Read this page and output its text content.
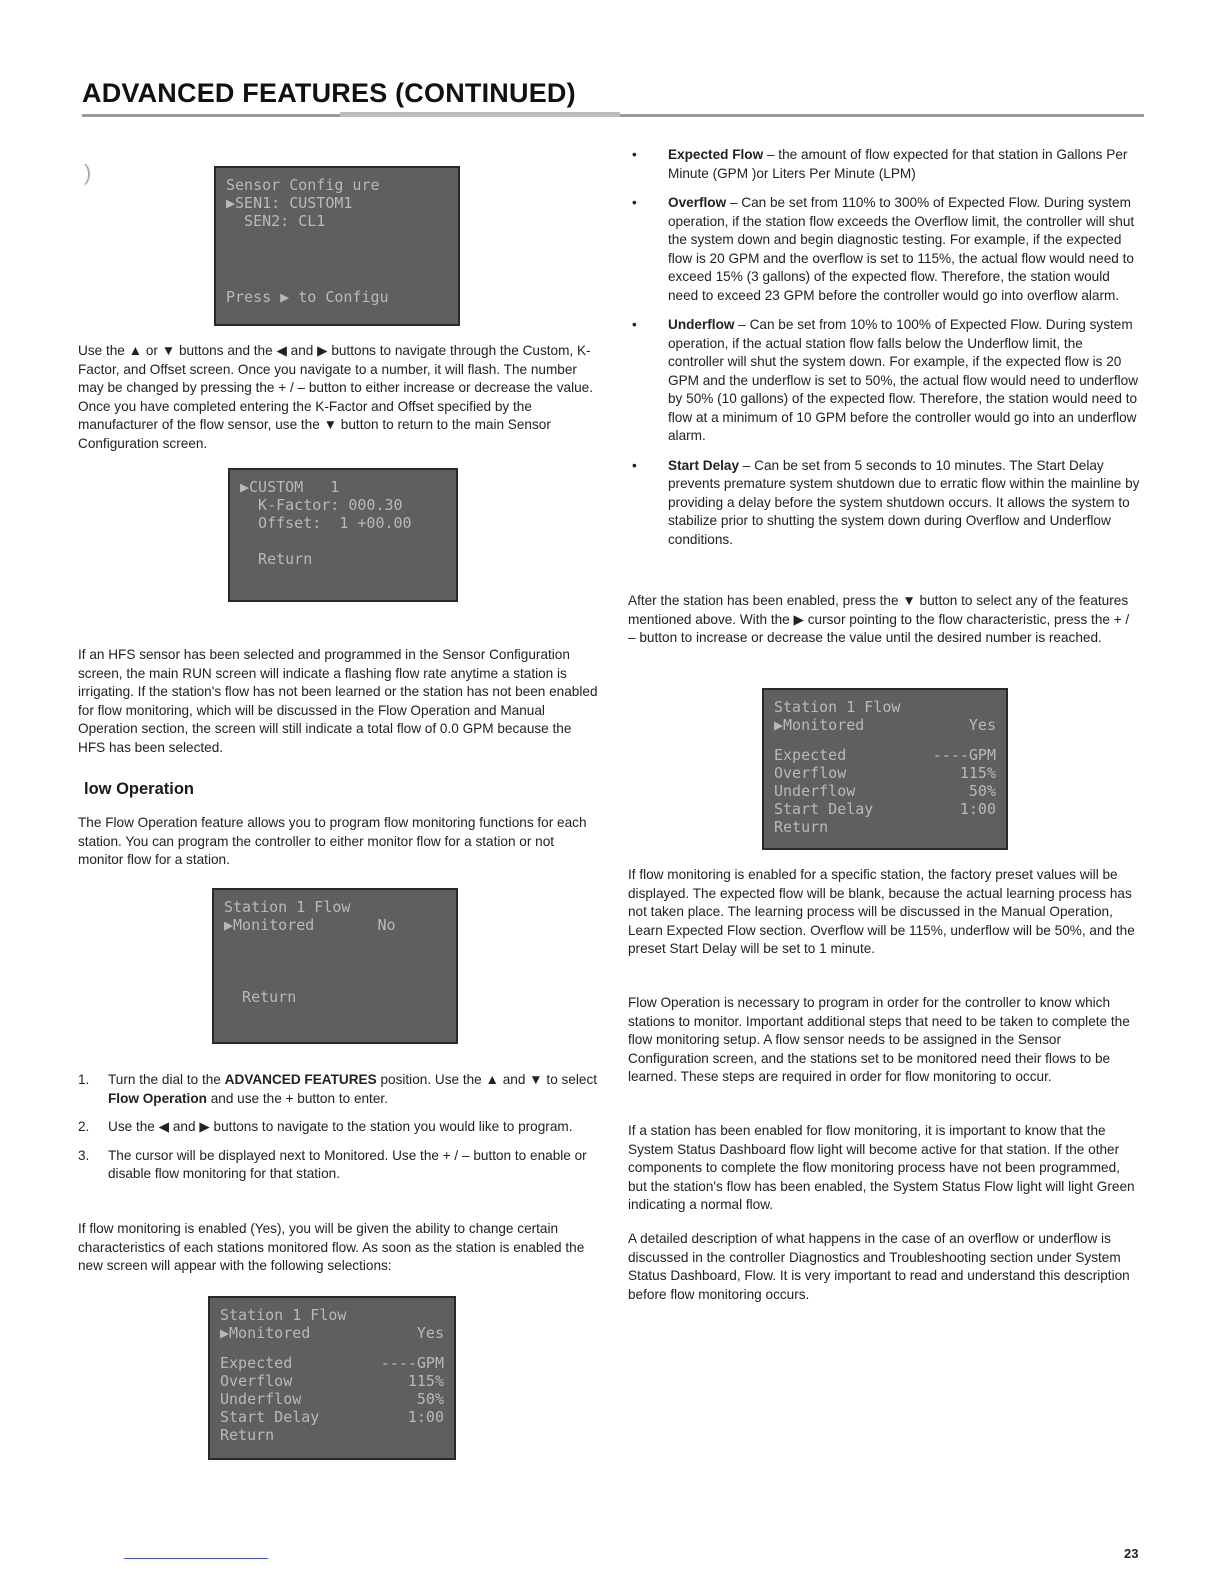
ADVANCED FEATURES (CONTINUED)
)	Sensor Config ure
▶SEN1: CUSTOM1
SEN2: CL1
Press ▶ to Configu
▶CUSTOM   1
K-Factor: 000.30
Offset:  1 +00.00
Return
Station 1 Flow
▶Monitored       No
Return
Station 1 Flow
▶Monitored	Yes
Expected	----GPM
Overflow	115%
Underflow	50%
Start Delay	1:00
Return
Station 1 Flow
▶Monitored	Yes
Expected	----GPM
Overflow	115%
Underflow	50%
Start Delay	1:00
Return
Use the ▲ or ▼ buttons and the ◀ and ▶ buttons to navigate through the Custom, K-Factor, and Offset screen. Once you navigate to a number, it will flash. The number may be changed by pressing the + / – button to either increase or decrease the value. Once you have completed entering the K-Factor and Offset specified by the manufacturer of the flow sensor, use the ▼ button to return to the main Sensor Configuration screen.
If an HFS sensor has been selected and programmed in the Sensor Configuration screen, the main RUN screen will indicate a flashing flow rate anytime a station is irrigating. If the station's flow has not been learned or the station has not been enabled for flow monitoring, which will be discussed in the Flow Operation and Manual Operation section, the screen will still indicate a total flow of 0.0 GPM because the HFS has been selected.
low Operation
The Flow Operation feature allows you to program flow monitoring functions for each station. You can program the controller to either monitor flow for a station or not monitor flow for a station.
1. Turn the dial to the ADVANCED FEATURES position. Use the ▲ and ▼ to select Flow Operation and use the + button to enter.
2. Use the ◀ and ▶ buttons to navigate to the station you would like to program.
3. The cursor will be displayed next to Monitored. Use the + / – button to enable or disable flow monitoring for that station.
If flow monitoring is enabled (Yes), you will be given the ability to change certain characteristics of each stations monitored flow. As soon as the station is enabled the new screen will appear with the following selections:
• Expected Flow – the amount of flow expected for that station in Gallons Per Minute (GPM )or Liters Per Minute (LPM)
• Overflow – Can be set from 110% to 300% of Expected Flow. During system operation, if the station flow exceeds the Overflow limit, the controller will shut the system down and begin diagnostic testing. For example, if the expected flow is 20 GPM and the overflow is set to 115%, the actual flow would need to exceed 15% (3 gallons) of the expected flow. Therefore, the station would need to exceed 23 GPM before the controller would go into overflow alarm.
• Underflow – Can be set from 10% to 100% of Expected Flow. During system operation, if the actual station flow falls below the Underflow limit, the controller will shut the system down. For example, if the expected flow is 20 GPM and the underflow is set to 50%, the actual flow would need to underflow by 50% (10 gallons) of the expected flow. Therefore, the station would need to flow at a minimum of 10 GPM before the controller would go into an underflow alarm.
• Start Delay – Can be set from 5 seconds to 10 minutes. The Start Delay prevents premature system shutdown due to erratic flow within the mainline by providing a delay before the system shutdown occurs. It allows the system to stabilize prior to shutting the system down during Overflow and Underflow conditions.
After the station has been enabled, press the ▼ button to select any of the features mentioned above. With the ▶ cursor pointing to the flow characteristic, press the + / – button to increase or decrease the value until the desired number is reached.
If flow monitoring is enabled for a specific station, the factory preset values will be displayed. The expected flow will be blank, because the actual learning process has not taken place. The learning process will be discussed in the Manual Operation, Learn Expected Flow section. Overflow will be 115%, underflow will be 50%, and the preset Start Delay will be set to 1 minute.
Flow Operation is necessary to program in order for the controller to know which stations to monitor. Important additional steps that need to be taken to complete the flow monitoring setup. A flow sensor needs to be assigned in the Sensor Configuration screen, and the stations set to be monitored need their flows to be learned. These steps are required in order for flow monitoring to occur.
If a station has been enabled for flow monitoring, it is important to know that the System Status Dashboard flow light will become active for that station. If the other components to complete the flow monitoring process have not been programmed, but the station's flow has been enabled, the System Status Flow light will light Green indicating a normal flow.
A detailed description of what happens in the case of an overflow or underflow is discussed in the controller Diagnostics and Troubleshooting section under System Status Dashboard, Flow. It is very important to read and understand this description before flow monitoring occurs.
23
